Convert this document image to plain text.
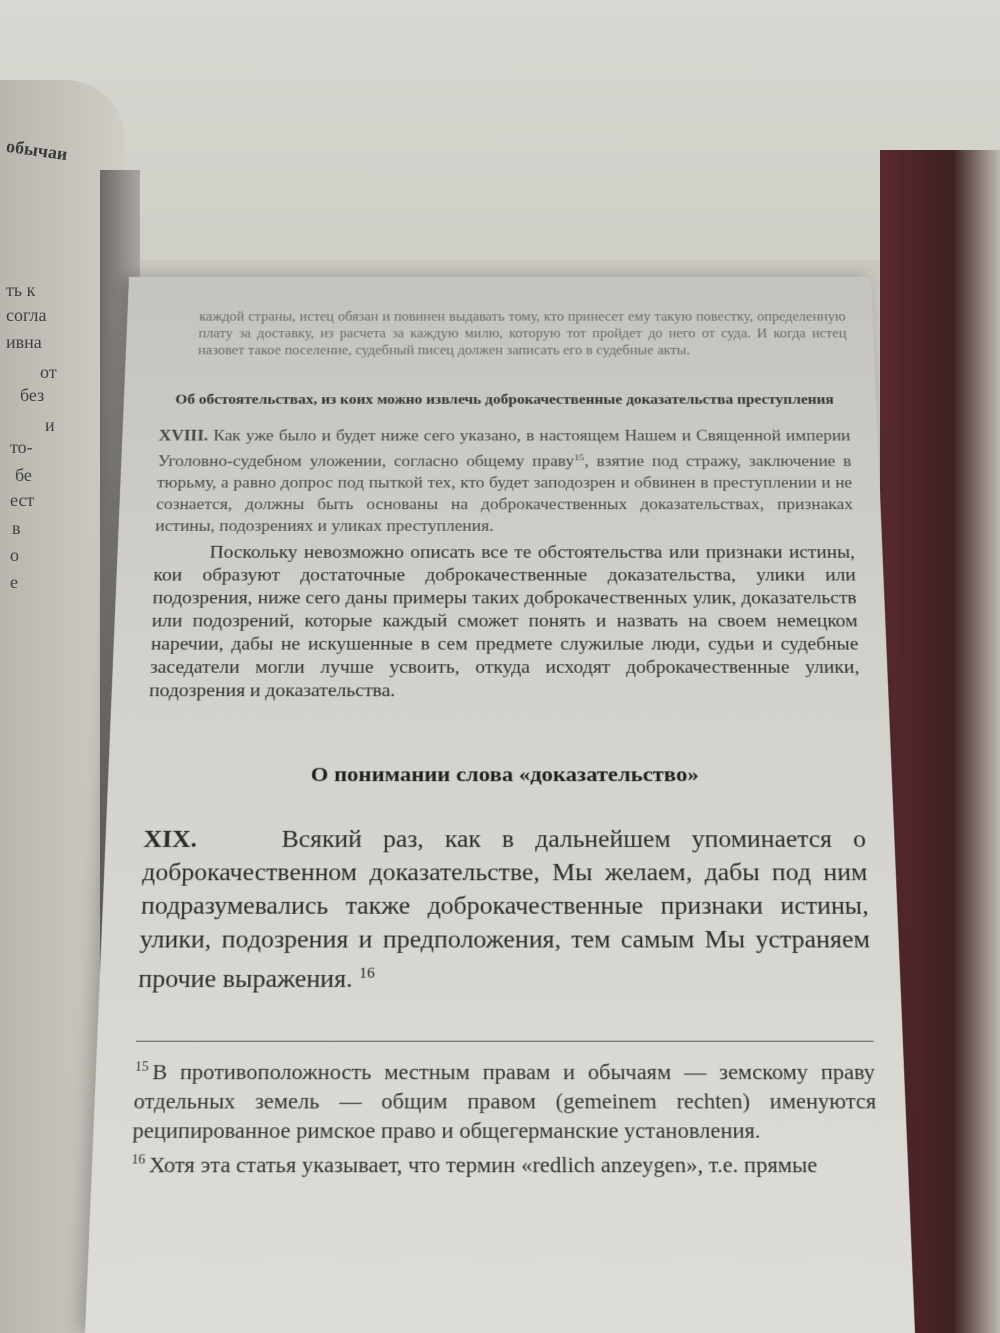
обычаи
ть к
согла
ивна
от
без
и
то-
бе
ест
в
о
е

каждой страны, истец обязан и повинен выдавать тому, кто принесет ему такую повестку, определенную плату за доставку, из расчета за каждую милю, которую тот пройдет до него от суда. И когда истец назовет такое поселение, судебный писец должен записать его в судебные акты.

Об обстоятельствах, из коих можно извлечь доброкачественные доказательства преступления

XVIII. Как уже было и будет ниже сего указано, в настоящем Нашем и Священной империи Уголовно-судебном уложении, согласно общему праву$^{15}$, взятие под стражу, заключение в тюрьму, а равно допрос под пыткой тех, кто будет заподозрен и обвинен в преступлении и не сознается, должны быть основаны на доброкачественных доказательствах, признаках истины, подозрениях и уликах преступления.

Поскольку невозможно описать все те обстоятельства или признаки истины, кои образуют достаточные доброкачественные доказательства, улики или подозрения, ниже сего даны примеры таких доброкачественных улик, доказательств или подозрений, которые каждый сможет понять и назвать на своем немецком наречии, дабы не искушенные в сем предмете служилые люди, судьи и судебные заседатели могли лучше усвоить, откуда исходят доброкачественные улики, подозрения и доказательства.

О понимании слова «доказательство»

XIX.	Всякий раз, как в дальнейшем упоминается о доброкачественном доказательстве, Мы желаем, дабы под ним подразумевались также доброкачественные признаки истины, улики, подозрения и предположения, тем самым Мы устраняем прочие выражения. $^{16}$

$^{15}$ В противоположность местным правам и обычаям — земскому праву отдельных земель — общим правом (gemeinem rechten) именуются реципированное римское право и общегерманские установления.

$^{16}$ Хотя эта статья указывает, что термин «redlich anzeygen», т.е. прямые
